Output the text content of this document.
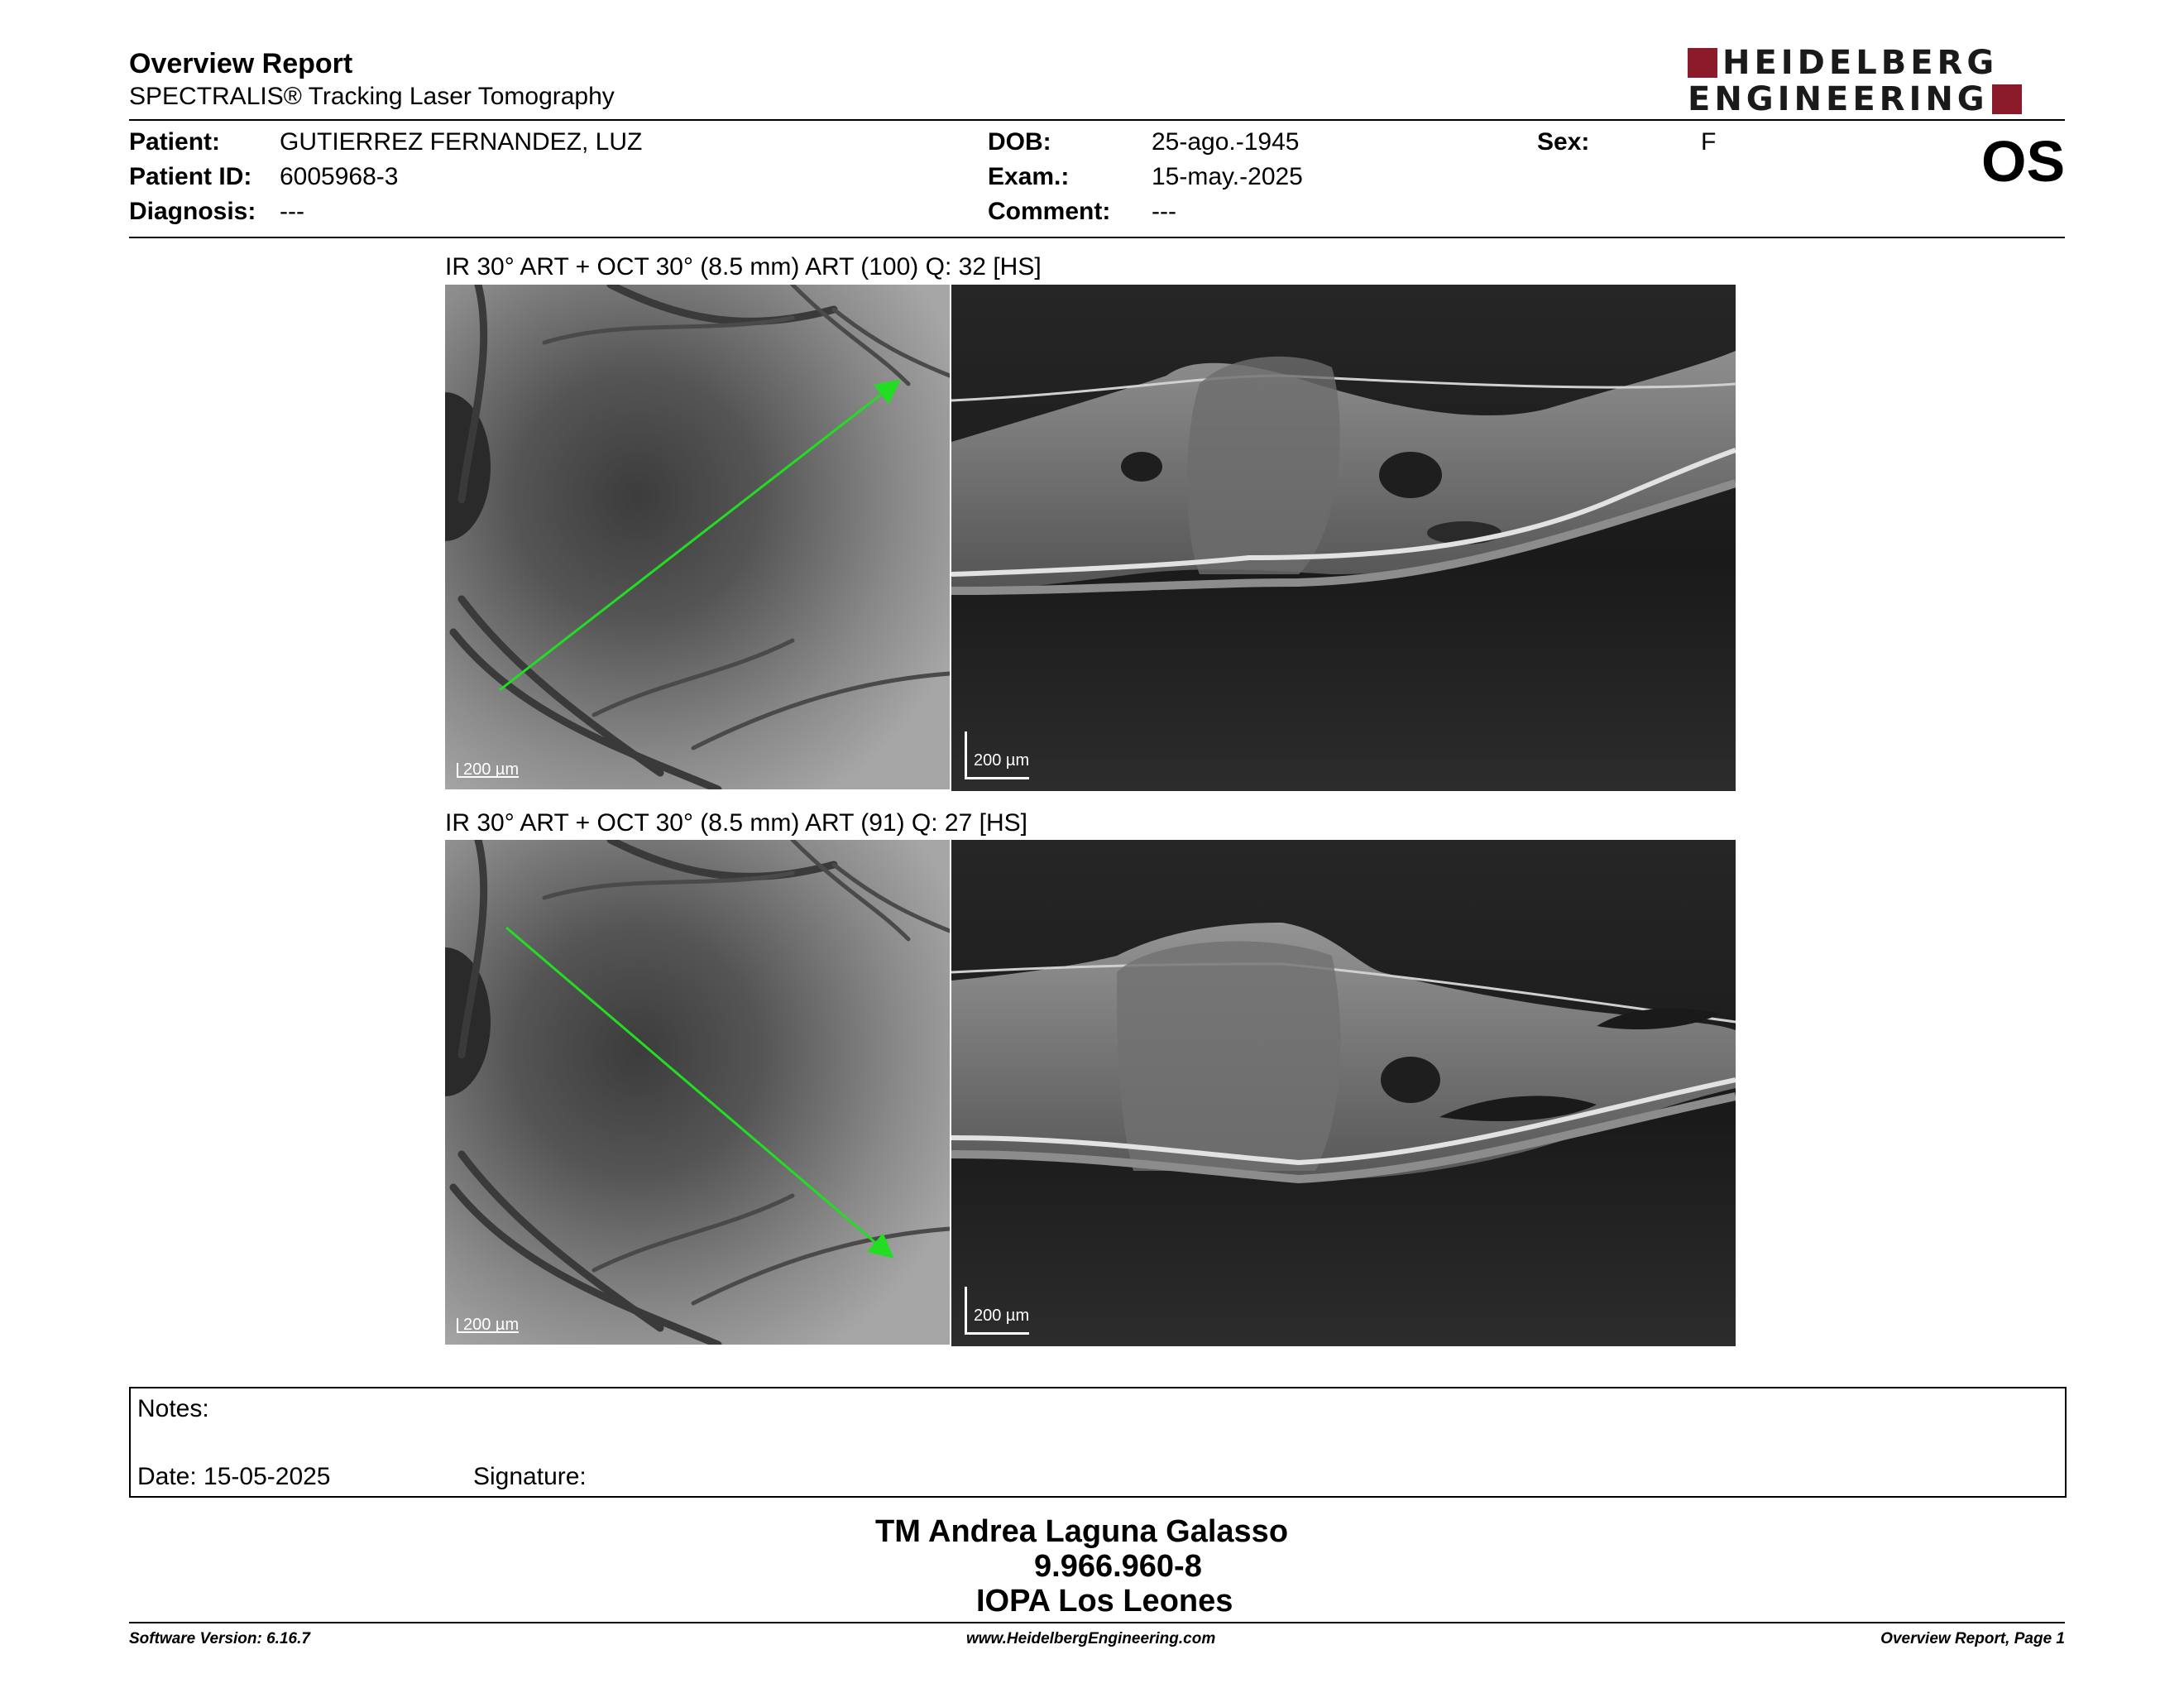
Overview Report
SPECTRALIS® Tracking Laser Tomography
HEIDELBERG
ENGINEERING
Patient: GUTIERREZ FERNANDEZ, LUZ
Patient ID: 6005968-3
Diagnosis: ---
DOB:	25-ago.-1945
Exam.:	15-may.-2025
Comment: ---
Sex:	F	OS
IR 30° ART + OCT 30° (8.5 mm) ART (100) Q: 32 [HS]
200 µm	200 µm
IR 30° ART + OCT 30° (8.5 mm) ART (91) Q: 27 [HS]
200 µm	200 µm
Notes:
Date: 15-05-2025	Signature:
TM Andrea Laguna Galasso
9.966.960-8
IOPA Los Leones
Software Version: 6.16.7	www.HeidelbergEngineering.com	Overview Report, Page 1
